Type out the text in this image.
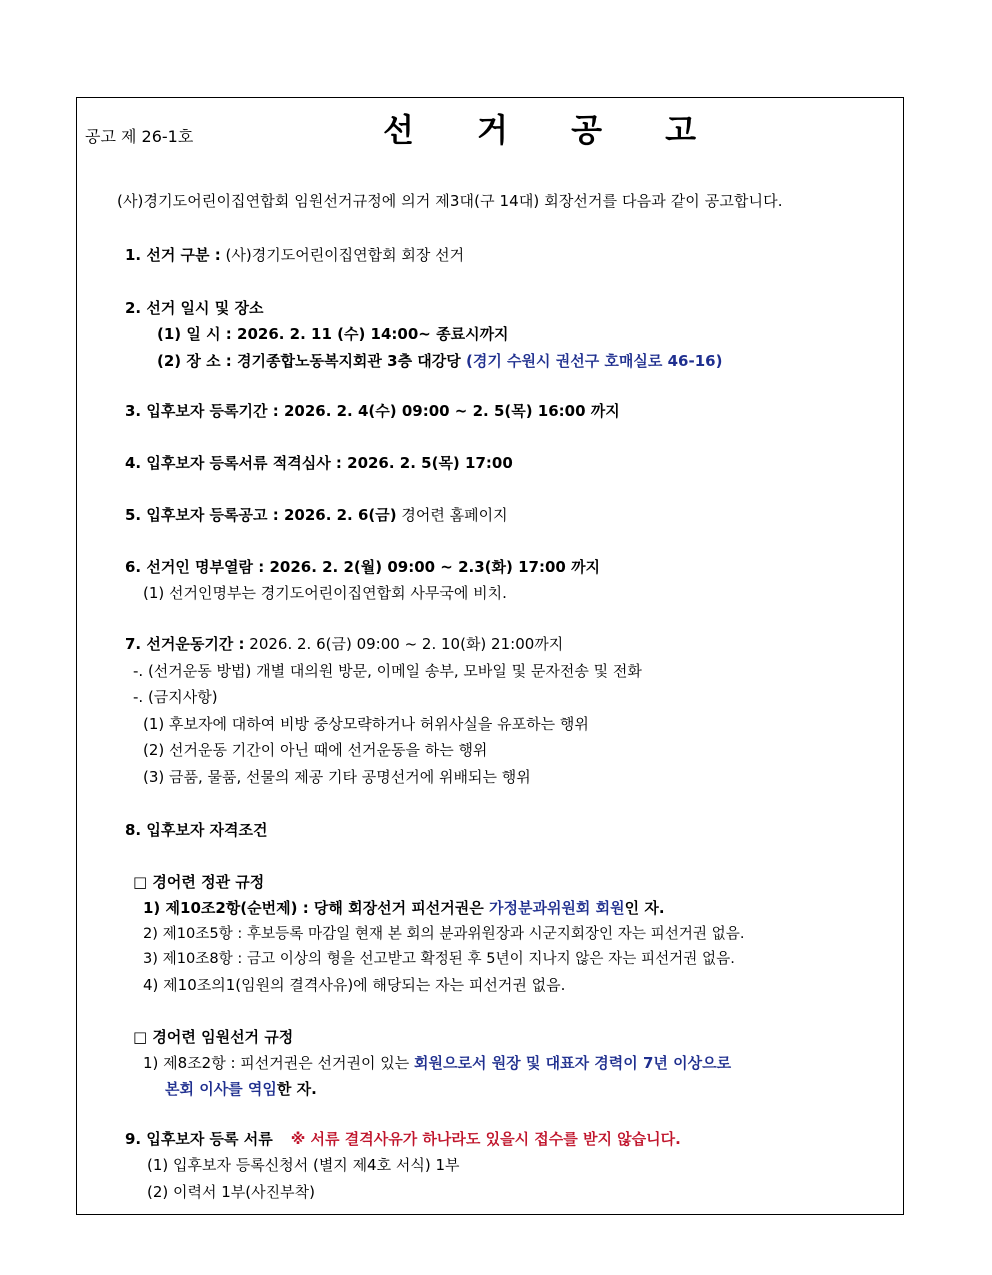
공고 제 26-1호	선 거 공 고
(사)경기도어린이집연합회 임원선거규정에 의거 제3대(구 14대) 회장선거를 다음과 같이 공고합니다.
1. 선거 구분 : (사)경기도어린이집연합회 회장 선거
2. 선거 일시 및 장소
(1) 일 시 : 2026. 2. 11 (수) 14:00~ 종료시까지
(2) 장 소 : 경기종합노동복지회관 3층 대강당 (경기 수원시 권선구 호매실로 46-16)
3. 입후보자 등록기간 : 2026. 2. 4(수) 09:00 ~ 2. 5(목) 16:00 까지
4. 입후보자 등록서류 적격심사 : 2026. 2. 5(목) 17:00
5. 입후보자 등록공고 : 2026. 2. 6(금) 경어련 홈페이지
6. 선거인 명부열람 : 2026. 2. 2(월) 09:00 ~ 2.3(화) 17:00 까지
(1) 선거인명부는 경기도어린이집연합회 사무국에 비치.
7. 선거운동기간 : 2026. 2. 6(금) 09:00 ~ 2. 10(화) 21:00까지
-. (선거운동 방법) 개별 대의원 방문, 이메일 송부, 모바일 및 문자전송 및 전화
-. (금지사항)
(1) 후보자에 대하여 비방 중상모략하거나 허위사실을 유포하는 행위
(2) 선거운동 기간이 아닌 때에 선거운동을 하는 행위
(3) 금품, 물품, 선물의 제공 기타 공명선거에 위배되는 행위
8. 입후보자 자격조건
□ 경어련 정관 규정
1) 제10조2항(순번제) : 당해 회장선거 피선거권은 가정분과위원회 회원인 자.
2) 제10조5항 : 후보등록 마감일 현재 본 회의 분과위원장과 시군지회장인 자는 피선거권 없음.
3) 제10조8항 : 금고 이상의 형을 선고받고 확정된 후 5년이 지나지 않은 자는 피선거권 없음.
4) 제10조의1(임원의 결격사유)에 해당되는 자는 피선거권 없음.
□ 경어련 임원선거 규정
1) 제8조2항 : 피선거권은 선거권이 있는 회원으로서 원장 및 대표자 경력이 7년 이상으로
본회 이사를 역임한 자.
9. 입후보자 등록 서류 ※ 서류 결격사유가 하나라도 있을시 접수를 받지 않습니다.
(1) 입후보자 등록신청서 (별지 제4호 서식) 1부
(2) 이력서 1부(사진부착)
